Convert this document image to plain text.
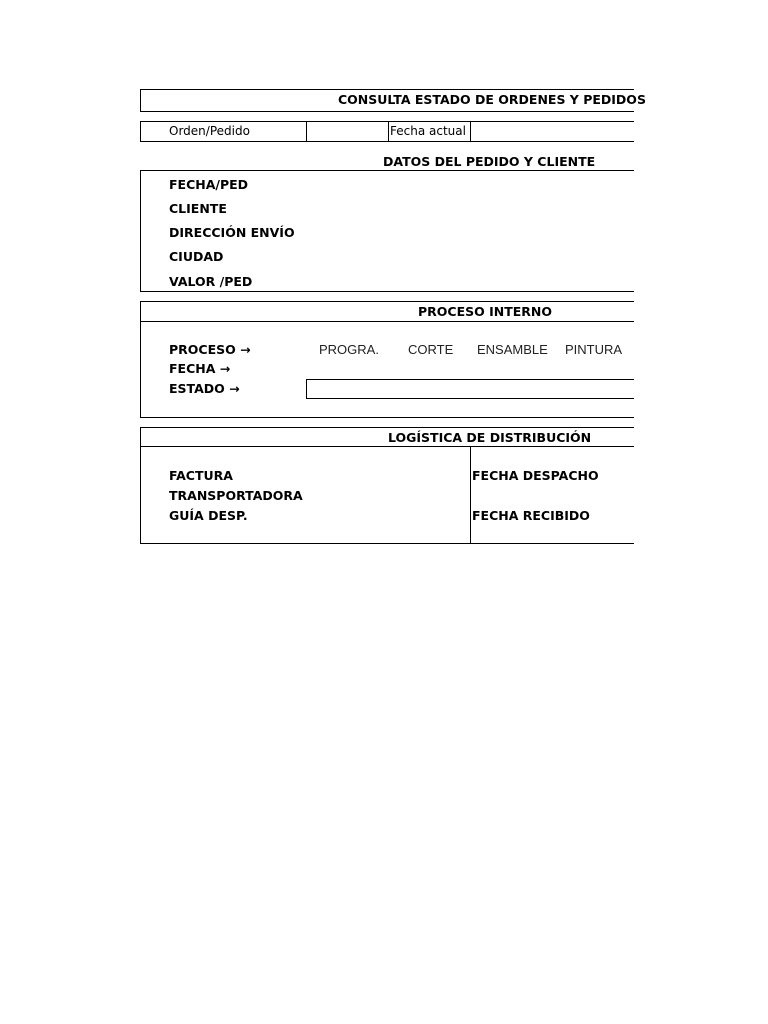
CONSULTA ESTADO DE ORDENES Y PEDIDOS
Orden/Pedido	Fecha actual
DATOS DEL PEDIDO Y CLIENTE
FECHA/PED
CLIENTE
DIRECCIÓN ENVÍO
CIUDAD
VALOR /PED
PROCESO INTERNO
PROCESO →
FECHA →
ESTADO →
PROGRA. CORTE ENSAMBLE PINTURA
LOGÍSTICA DE DISTRIBUCIÓN
FACTURA
TRANSPORTADORA
GUÍA DESP.
FECHA DESPACHO
FECHA RECIBIDO
